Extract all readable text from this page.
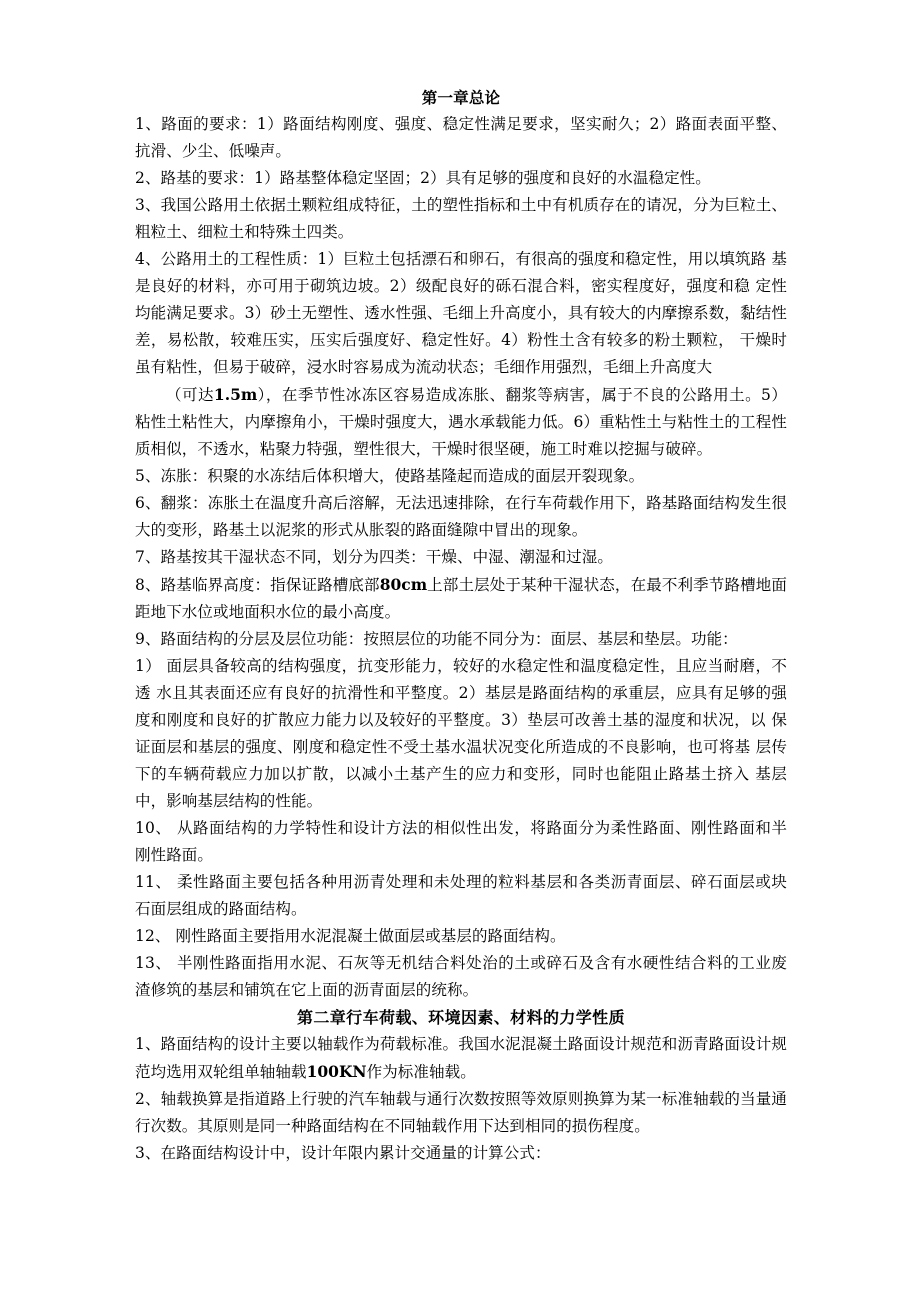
第一章总论

1、路面的要求：1）路面结构刚度、强度、稳定性满足要求，坚实耐久；2）路面表面平整、 抗滑、少尘、低噪声。

2、路基的要求：1）路基整体稳定坚固；2）具有足够的强度和良好的水温稳定性。

3、我国公路用土依据土颗粒组成特征，土的塑性指标和土中有机质存在的请况，分为巨粒土、粗粒土、细粒土和特殊土四类。

4、公路用土的工程性质：1）巨粒土包括漂石和卵石，有很高的强度和稳定性，用以填筑路 基是良好的材料，亦可用于砌筑边坡。2）级配良好的砾石混合料，密实程度好，强度和稳 定性均能满足要求。3）砂土无塑性、透水性强、毛细上升高度小，具有较大的内摩擦系数，黏结性差，易松散，较难压实，压实后强度好、稳定性好。4）粉性土含有较多的粉土颗粒， 干燥时虽有粘性，但易于破碎，浸水时容易成为流动状态；毛细作用强烈，毛细上升高度大

（可达1.5m），在季节性冰冻区容易造成冻胀、翻浆等病害，属于不良的公路用土。5）粘性土粘性大，内摩擦角小，干燥时强度大，遇水承载能力低。6）重粘性土与粘性土的工程性质相似，不透水，粘聚力特强，塑性很大，干燥时很坚硬，施工时难以挖掘与破碎。

5、冻胀：积聚的水冻结后体积增大，使路基隆起而造成的面层开裂现象。

6、翻浆：冻胀土在温度升高后溶解，无法迅速排除，在行车荷载作用下，路基路面结构发生很大的变形，路基土以泥浆的形式从胀裂的路面缝隙中冒出的现象。

7、路基按其干湿状态不同，划分为四类：干燥、中湿、潮湿和过湿。

8、路基临界高度：指保证路槽底部80cm上部土层处于某种干湿状态，在最不利季节路槽地面距地下水位或地面积水位的最小高度。

9、路面结构的分层及层位功能：按照层位的功能不同分为：面层、基层和垫层。功能：

1） 面层具备较高的结构强度，抗变形能力，较好的水稳定性和温度稳定性，且应当耐磨，不透 水且其表面还应有良好的抗滑性和平整度。2）基层是路面结构的承重层，应具有足够的强 度和刚度和良好的扩散应力能力以及较好的平整度。3）垫层可改善土基的湿度和状况，以 保证面层和基层的强度、刚度和稳定性不受土基水温状况变化所造成的不良影响，也可将基 层传下的车辆荷载应力加以扩散，以减小土基产生的应力和变形，同时也能阻止路基土挤入 基层中，影响基层结构的性能。

10、 从路面结构的力学特性和设计方法的相似性出发，将路面分为柔性路面、刚性路面和半 刚性路面。

11、 柔性路面主要包括各种用沥青处理和未处理的粒料基层和各类沥青面层、碎石面层或块 石面层组成的路面结构。

12、 刚性路面主要指用水泥混凝土做面层或基层的路面结构。

13、 半刚性路面指用水泥、石灰等无机结合料处治的土或碎石及含有水硬性结合料的工业废 渣修筑的基层和铺筑在它上面的沥青面层的统称。

第二章行车荷载、环境因素、材料的力学性质

1、路面结构的设计主要以轴载作为荷载标准。我国水泥混凝土路面设计规范和沥青路面设计规范均选用双轮组单轴轴载100KN作为标准轴载。

2、轴载换算是指道路上行驶的汽车轴载与通行次数按照等效原则换算为某一标准轴载的当量通行次数。其原则是同一种路面结构在不同轴载作用下达到相同的损伤程度。

3、在路面结构设计中，设计年限内累计交通量的计算公式：
